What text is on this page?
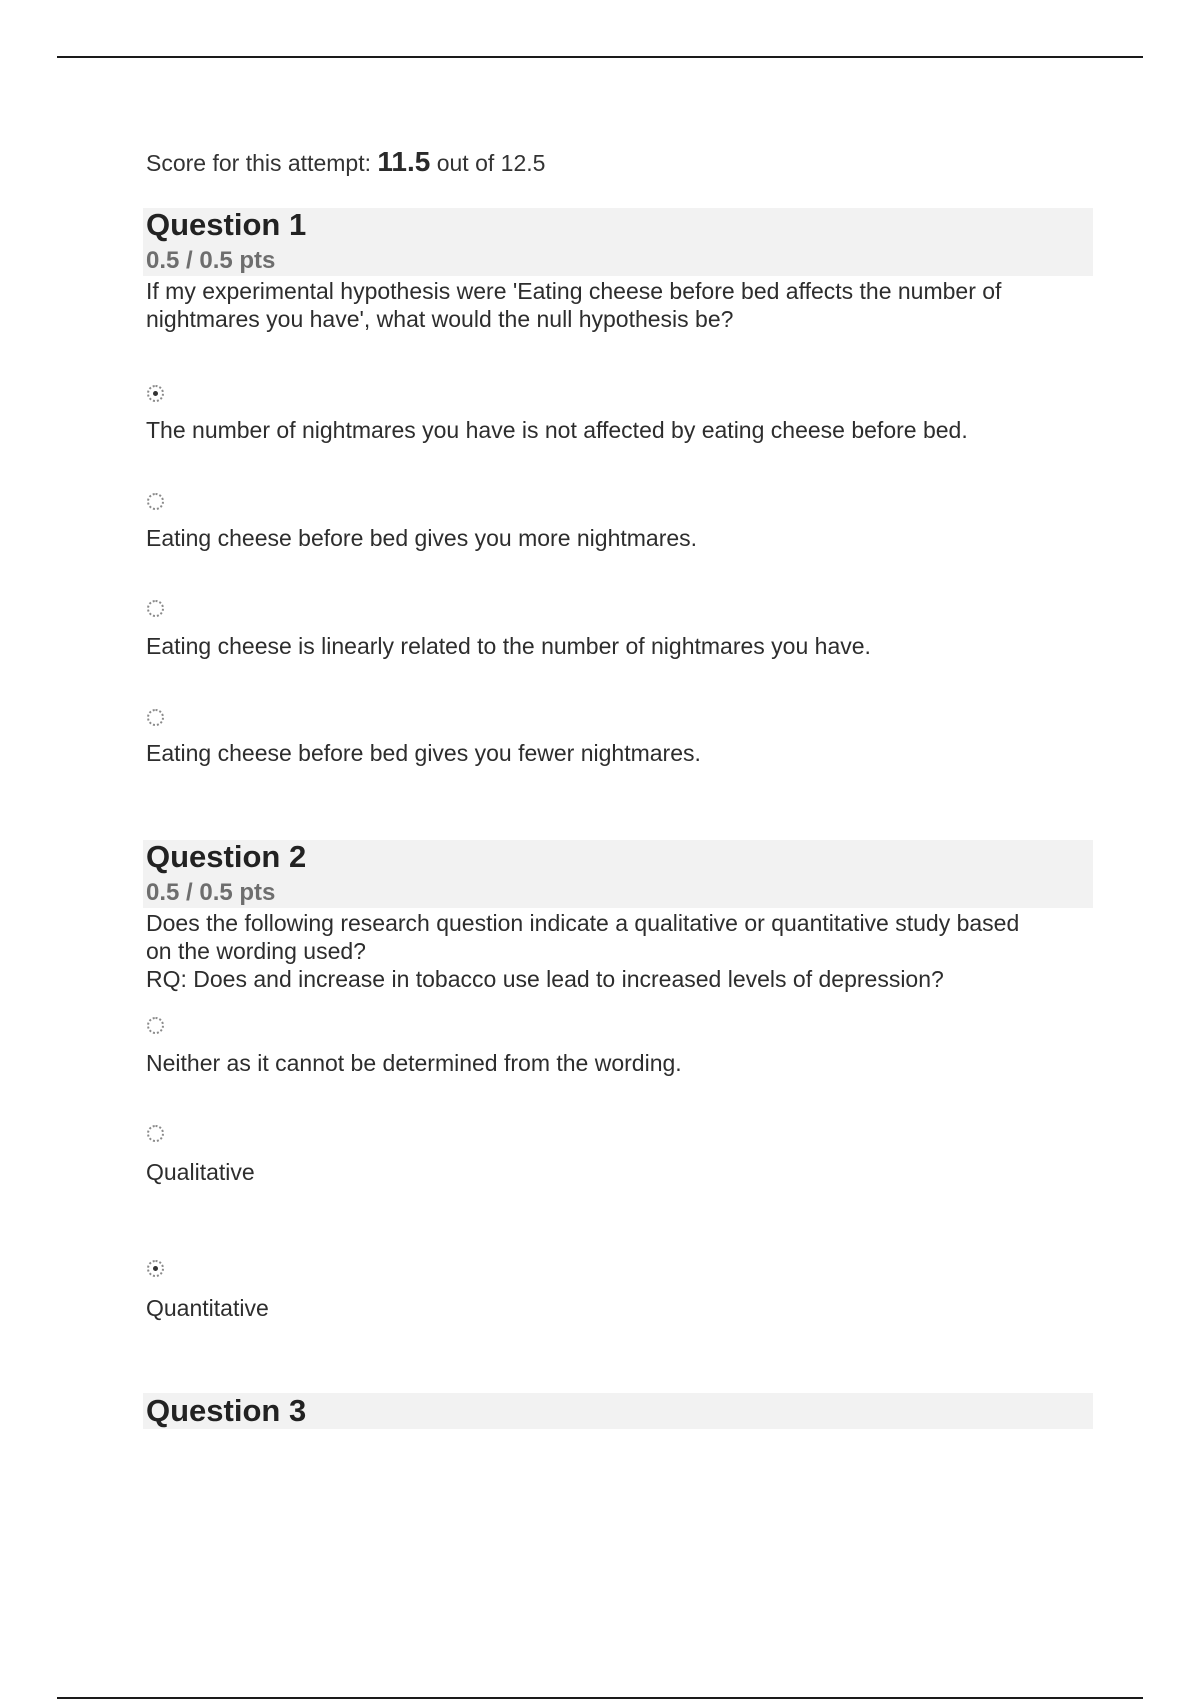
Score for this attempt: 11.5 out of 12.5
Question 1
0.5 / 0.5 pts
If my experimental hypothesis were 'Eating cheese before bed affects the number of
nightmares you have', what would the null hypothesis be?
The number of nightmares you have is not affected by eating cheese before bed.
Eating cheese before bed gives you more nightmares.
Eating cheese is linearly related to the number of nightmares you have.
Eating cheese before bed gives you fewer nightmares.
Question 2
0.5 / 0.5 pts
Does the following research question indicate a qualitative or quantitative study based
on the wording used?
RQ: Does and increase in tobacco use lead to increased levels of depression?
Neither as it cannot be determined from the wording.
Qualitative
Quantitative
Question 3
